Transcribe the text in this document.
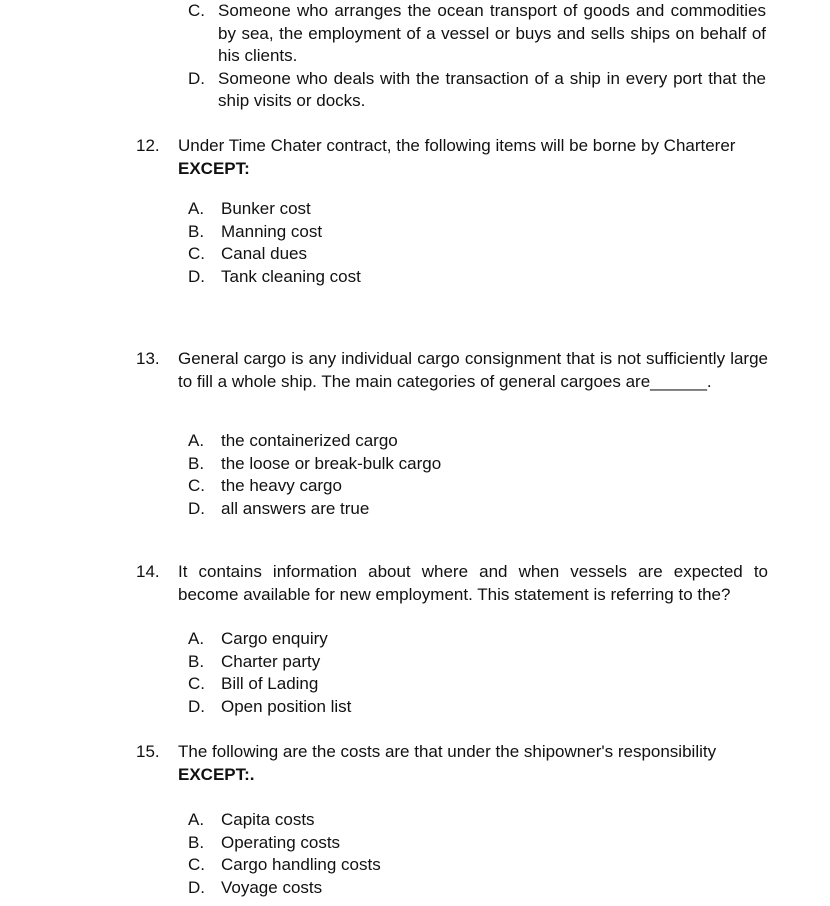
C. Someone who arranges the ocean transport of goods and commodities by sea, the employment of a vessel or buys and sells ships on behalf of his clients.
D. Someone who deals with the transaction of a ship in every port that the ship visits or docks.
12.	Under Time Chater contract, the following items will be borne by Charterer
EXCEPT:
A. Bunker cost
B. Manning cost
C. Canal dues
D. Tank cleaning cost
13.	General cargo is any individual cargo consignment that is not sufficiently large to fill a whole ship. The main categories of general cargoes are______.
A. the containerized cargo
B. the loose or break-bulk cargo
C. the heavy cargo
D. all answers are true
14.	It contains information about where and when vessels are expected to become available for new employment. This statement is referring to the?
A. Cargo enquiry
B. Charter party
C. Bill of Lading
D. Open position list
15.	The following are the costs are that under the shipowner's responsibility
EXCEPT:.
A. Capita costs
B. Operating costs
C. Cargo handling costs
D. Voyage costs
